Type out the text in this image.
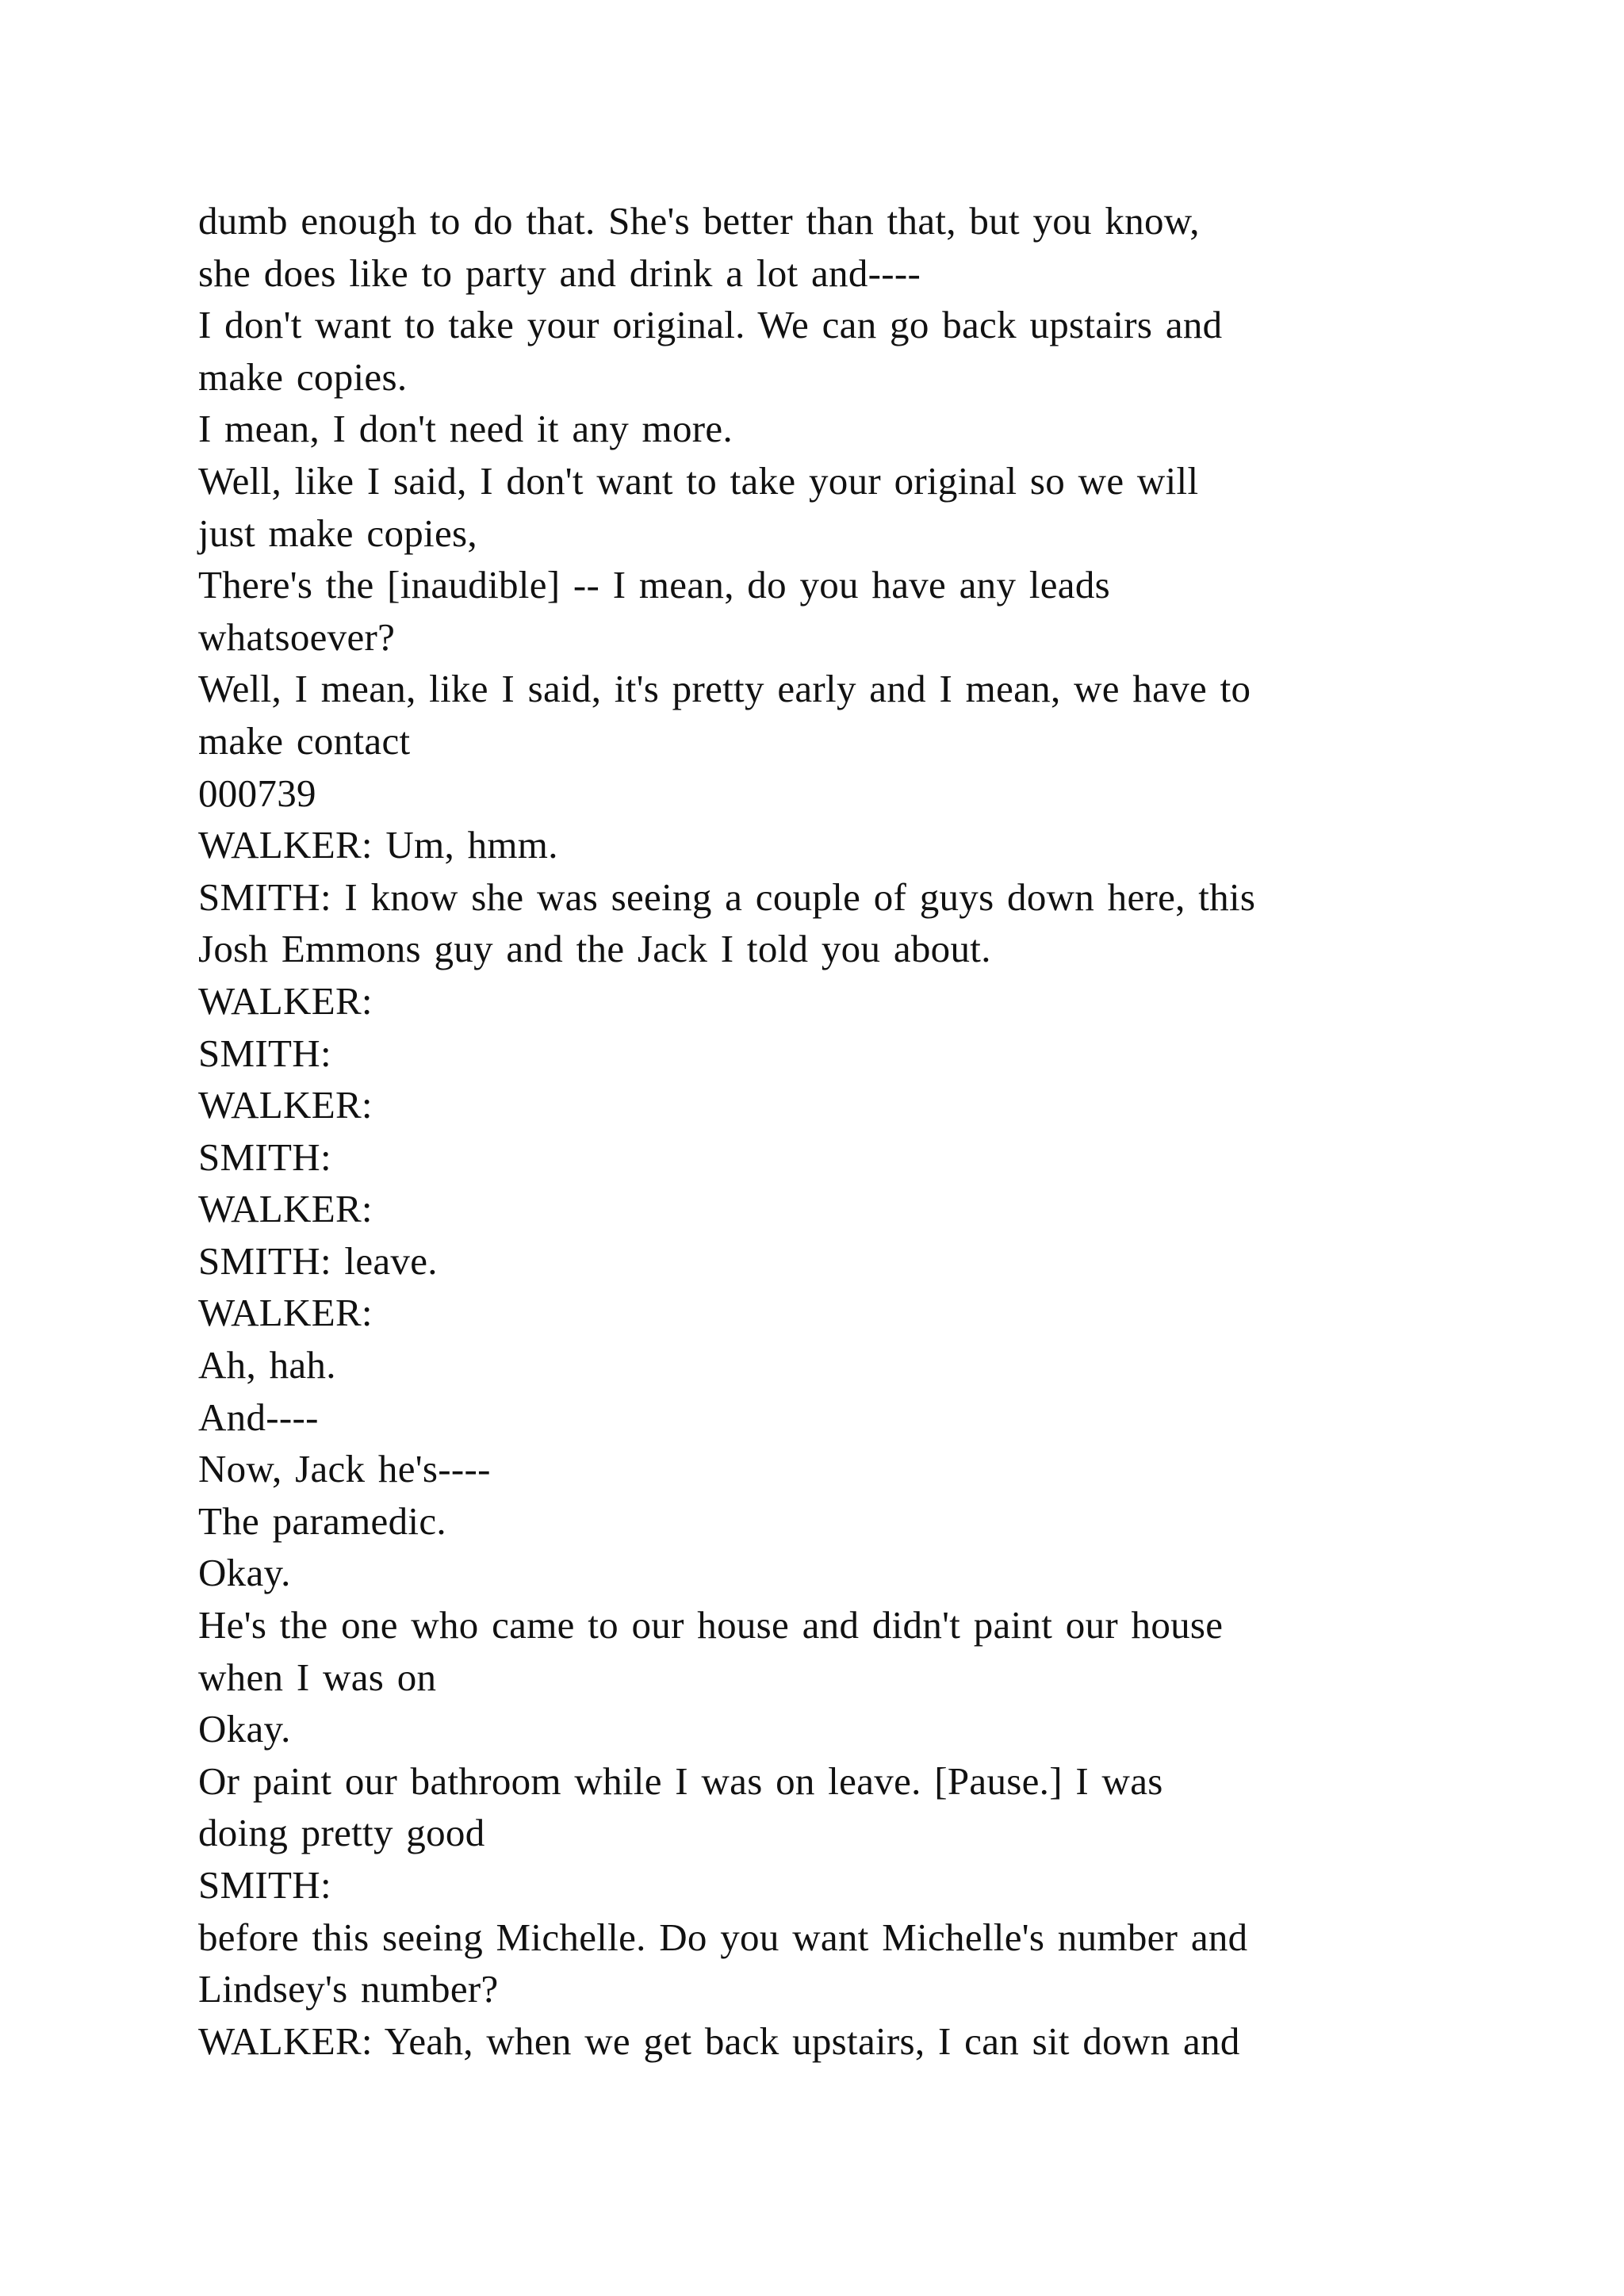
dumb enough to do that. She's better than that, but you know,
she does like to party and drink a lot and----
I don't want to take your original. We can go back upstairs and
make copies.
I mean, I don't need it any more.
Well, like I said, I don't want to take your original so we will
just make copies,
There's the [inaudible] -- I mean, do you have any leads
whatsoever?
Well, I mean, like I said, it's pretty early and I mean, we have to
make contact
000739
WALKER: Um, hmm.
SMITH: I know she was seeing a couple of guys down here, this
Josh Emmons guy and the Jack I told you about.
WALKER:
SMITH:
WALKER:
SMITH:
WALKER:
SMITH: leave.
WALKER:
Ah, hah.
And----
Now, Jack he's----
The paramedic.
Okay.
He's the one who came to our house and didn't paint our house
when I was on
Okay.
Or paint our bathroom while I was on leave. [Pause.] I was
doing pretty good
SMITH:
before this seeing Michelle. Do you want Michelle's number and
Lindsey's number?
WALKER: Yeah, when we get back upstairs, I can sit down and
